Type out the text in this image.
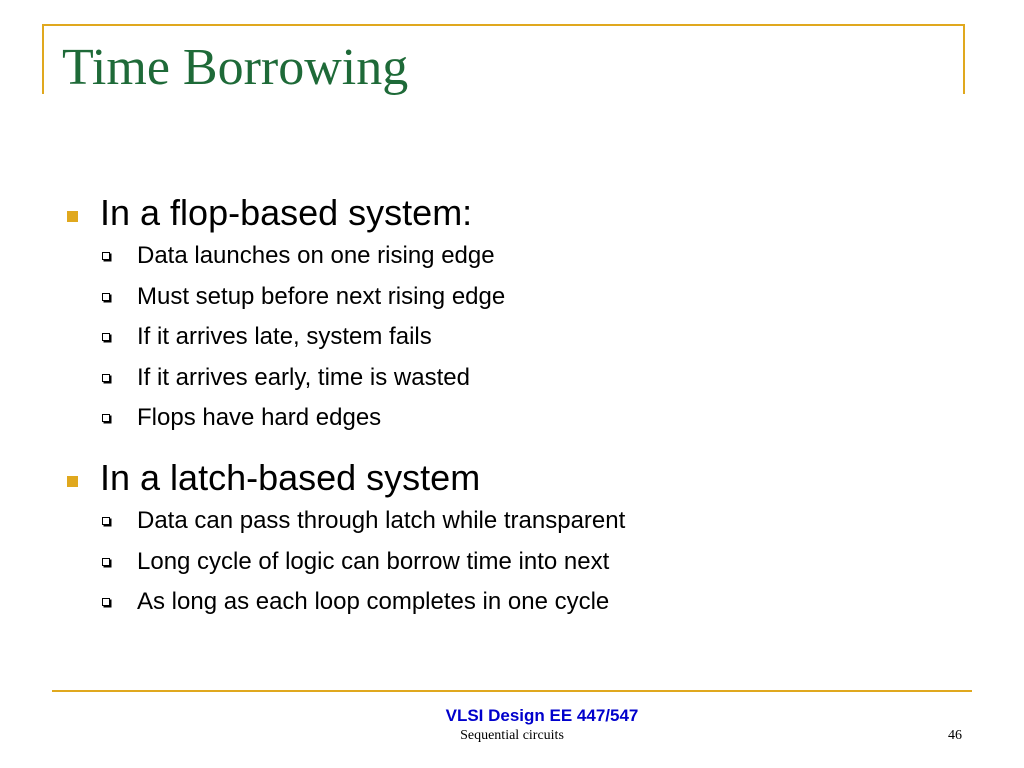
Time Borrowing
In a flop-based system:
Data launches on one rising edge
Must setup before next rising edge
If it arrives late, system fails
If it arrives early, time is wasted
Flops have hard edges
In a latch-based system
Data can pass through latch while transparent
Long cycle of logic can borrow time into next
As long as each loop completes in one cycle
VLSI Design EE 447/547
Sequential circuits	46
